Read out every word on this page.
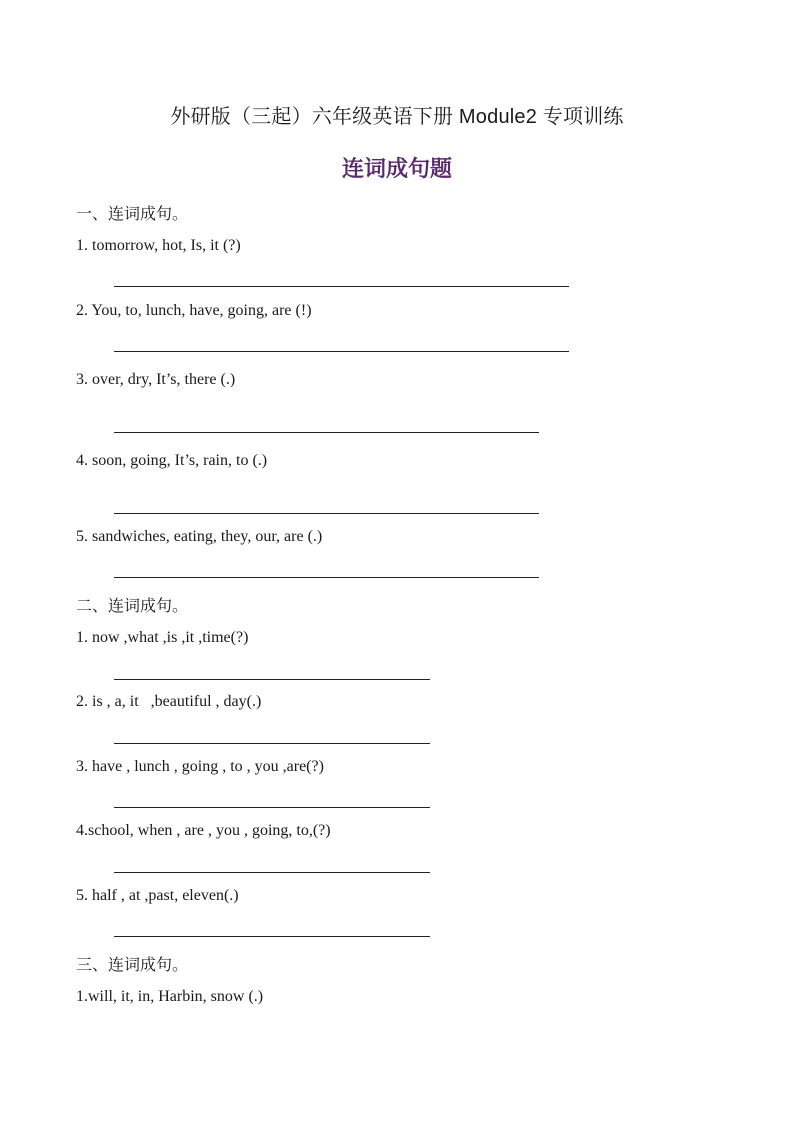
外研版（三起）六年级英语下册 Module2 专项训练
连词成句题
一、连词成句。
1. tomorrow, hot, Is, it (?)
2. You, to, lunch, have, going, are (!)
3. over, dry, It’s, there (.)
4. soon, going, It’s, rain, to (.)
5. sandwiches, eating, they, our, are (.)
二、连词成句。
1. now ,what ,is ,it ,time(?)
2. is , a, it   ,beautiful , day(.)
3. have , lunch , going , to , you ,are(?)
4.school, when , are , you , going, to,(?)
5. half , at ,past, eleven(.)
三、连词成句。
1.will, it, in, Harbin, snow (.)
